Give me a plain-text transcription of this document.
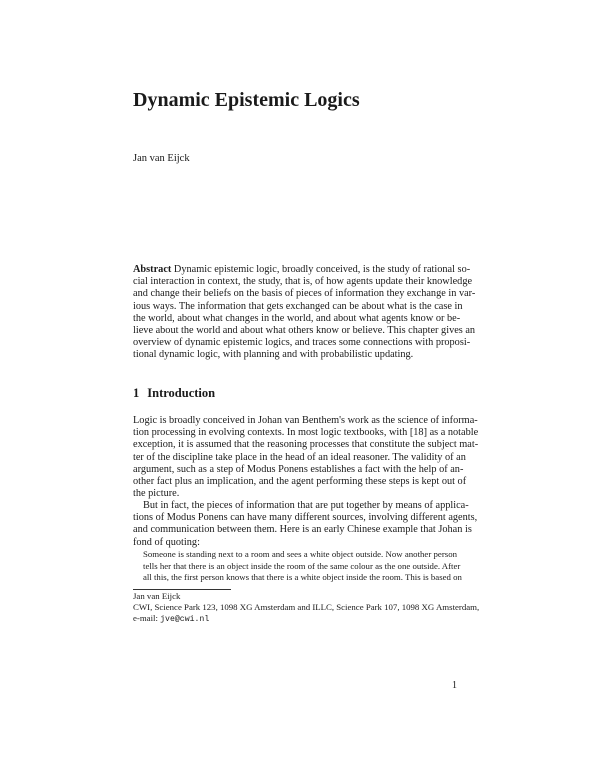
Dynamic Epistemic Logics
Jan van Eijck
Abstract Dynamic epistemic logic, broadly conceived, is the study of rational so-
cial interaction in context, the study, that is, of how agents update their knowledge
and change their beliefs on the basis of pieces of information they exchange in var-
ious ways. The information that gets exchanged can be about what is the case in
the world, about what changes in the world, and about what agents know or be-
lieve about the world and about what others know or believe. This chapter gives an
overview of dynamic epistemic logics, and traces some connections with proposi-
tional dynamic logic, with planning and with probabilistic updating.
1 Introduction
Logic is broadly conceived in Johan van Benthem's work as the science of informa-
tion processing in evolving contexts. In most logic textbooks, with [18] as a notable
exception, it is assumed that the reasoning processes that constitute the subject mat-
ter of the discipline take place in the head of an ideal reasoner. The validity of an
argument, such as a step of Modus Ponens establishes a fact with the help of an-
other fact plus an implication, and the agent performing these steps is kept out of
the picture.
But in fact, the pieces of information that are put together by means of applica-
tions of Modus Ponens can have many different sources, involving different agents,
and communication between them. Here is an early Chinese example that Johan is
fond of quoting:
Someone is standing next to a room and sees a white object outside. Now another person
tells her that there is an object inside the room of the same colour as the one outside. After
all this, the first person knows that there is a white object inside the room. This is based on
Jan van Eijck
CWI, Science Park 123, 1098 XG Amsterdam and ILLC, Science Park 107, 1098 XG Amsterdam,
e-mail: jve@cwi.nl
1
